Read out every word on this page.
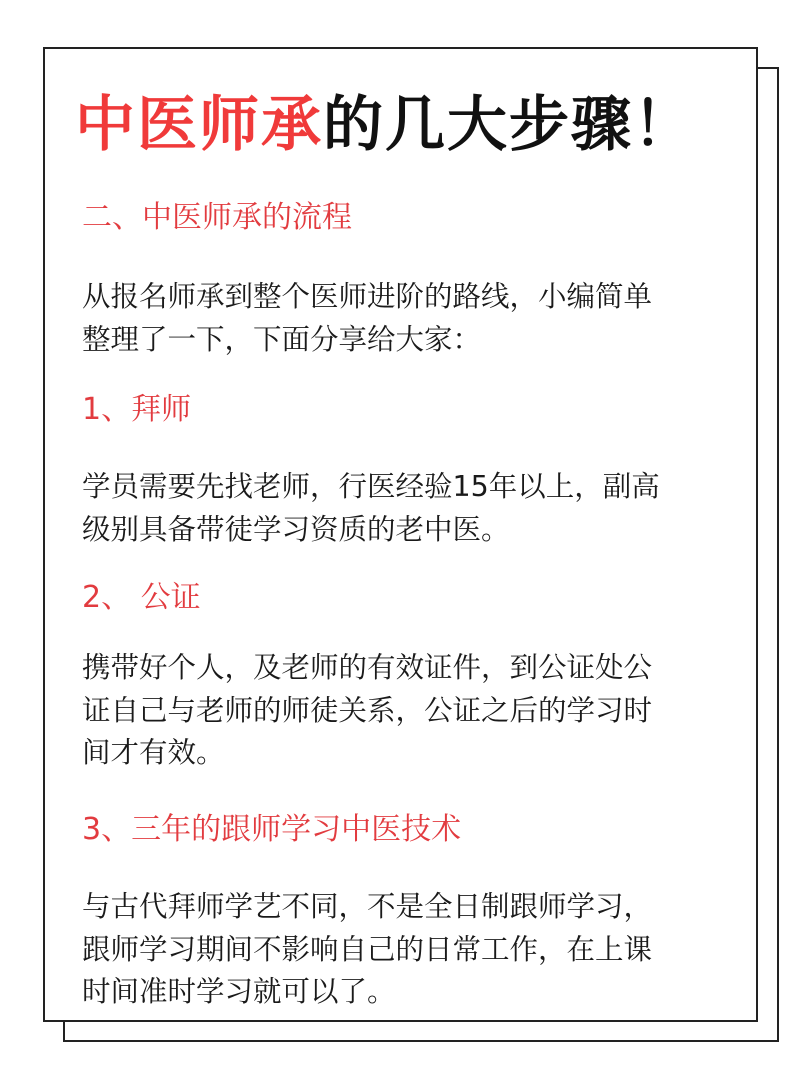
中医师承的几大步骤！
二、中医师承的流程
从报名师承到整个医师进阶的路线，小编简单
整理了一下，下面分享给大家：
1、拜师
学员需要先找老师，行医经验15年以上，副高
级别具备带徒学习资质的老中医。
2、 公证
携带好个人，及老师的有效证件，到公证处公
证自己与老师的师徒关系，公证之后的学习时
间才有效。
3、三年的跟师学习中医技术
与古代拜师学艺不同，不是全日制跟师学习，
跟师学习期间不影响自己的日常工作，在上课
时间准时学习就可以了。
